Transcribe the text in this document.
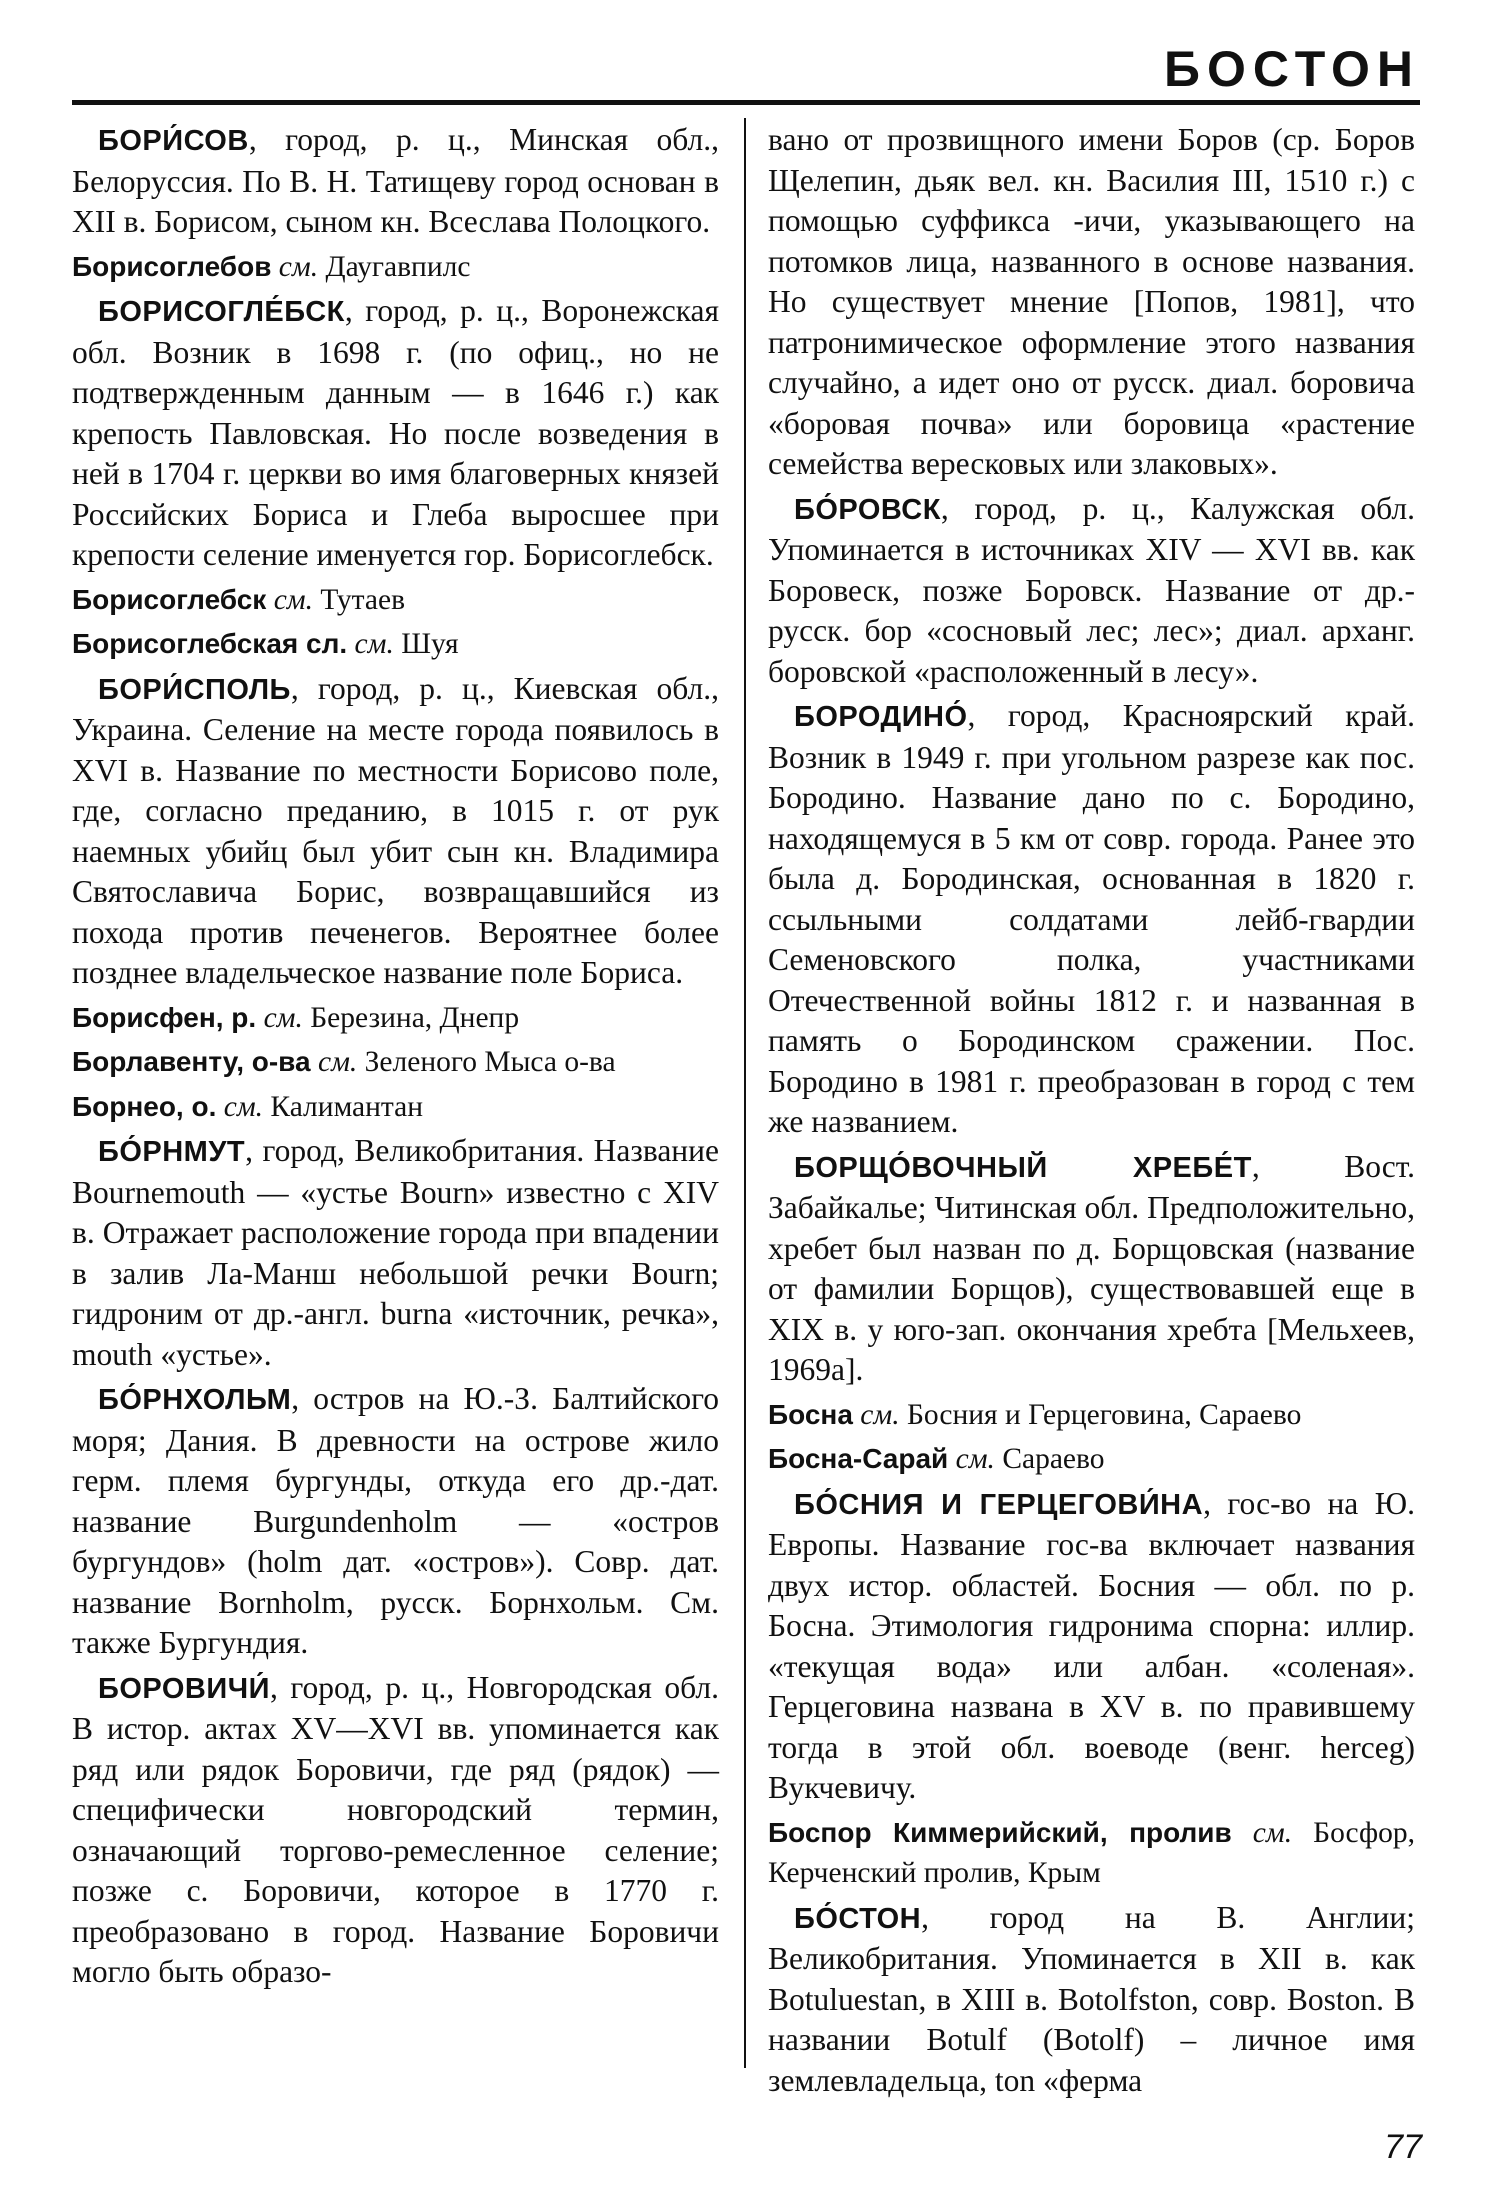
БОСТОН

БОРИ́СОВ, город, р. ц., Минская обл., Белоруссия. По В. Н. Татищеву город основан в XII в. Борисом, сыном кн. Всеслава Полоцкого.

Борисоглебов см. Даугавпилс

БОРИСОГЛЕ́БСК, город, р. ц., Воронежская обл. Возник в 1698 г. (по офиц., но не подтвержденным данным — в 1646 г.) как крепость Павловская. Но после возведения в ней в 1704 г. церкви во имя благоверных князей Российских Бориса и Глеба выросшее при крепости селение именуется гор. Борисоглебск.

Борисоглебск см. Тутаев

Борисоглебская сл. см. Шуя

БОРИ́СПОЛЬ, город, р. ц., Киевская обл., Украина. Селение на месте города появилось в XVI в. Название по местности Борисово поле, где, согласно преданию, в 1015 г. от рук наемных убийц был убит сын кн. Владимира Святославича Борис, возвращавшийся из похода против печенегов. Вероятнее более позднее владельческое название поле Бориса.

Борисфен, р. см. Березина, Днепр

Борлавенту, о-ва см. Зеленого Мыса о-ва

Борнео, о. см. Калимантан

БО́РНМУТ, город, Великобритания. Название Bournemouth — «устье Bourn» известно с XIV в. Отражает расположение города при впадении в залив Ла-Манш небольшой речки Bourn; гидроним от др.-англ. burna «источник, речка», mouth «устье».

БО́РНХОЛЬМ, остров на Ю.-З. Балтийского моря; Дания. В древности на острове жило герм. племя бургунды, откуда его др.-дат. название Burgundenholm — «остров бургундов» (holm дат. «остров»). Совр. дат. название Bornholm, русск. Борнхольм. См. также Бургундия.

БОРОВИЧИ́, город, р. ц., Новгородская обл. В истор. актах XV—XVI вв. упоминается как ряд или рядок Боровичи, где ряд (рядок) — специфически новгородский термин, означающий торгово-ремесленное селение; позже с. Боровичи, которое в 1770 г. преобразовано в город. Название Боровичи могло быть образо-

вано от прозвищного имени Боров (ср. Боров Щелепин, дьяк вел. кн. Василия III, 1510 г.) с помощью суффикса -ичи, указывающего на потомков лица, названного в основе названия. Но существует мнение [Попов, 1981], что патронимическое оформление этого названия случайно, а идет оно от русск. диал. боровича «боровая почва» или боровица «растение семейства вересковых или злаковых».

БО́РОВСК, город, р. ц., Калужская обл. Упоминается в источниках XIV — XVI вв. как Боровеск, позже Боровск. Название от др.-русск. бор «сосновый лес; лес»; диал. арханг. боровской «расположенный в лесу».

БОРОДИНО́, город, Красноярский край. Возник в 1949 г. при угольном разрезе как пос. Бородино. Название дано по с. Бородино, находящемуся в 5 км от совр. города. Ранее это была д. Бородинская, основанная в 1820 г. ссыльными солдатами лейб-гвардии Семеновского полка, участниками Отечественной войны 1812 г. и названная в память о Бородинском сражении. Пос. Бородино в 1981 г. преобразован в город с тем же названием.

БОРЩО́ВОЧНЫЙ ХРЕБЕ́Т, Вост. Забайкалье; Читинская обл. Предположительно, хребет был назван по д. Борщовская (название от фамилии Борщов), существовавшей еще в XIX в. у юго-зап. окончания хребта [Мельхеев, 1969а].

Босна см. Босния и Герцеговина, Сараево

Босна-Сарай см. Сараево

БО́СНИЯ И ГЕРЦЕГОВИ́НА, гос-во на Ю. Европы. Название гос-ва включает названия двух истор. областей. Босния — обл. по р. Босна. Этимология гидронима спорна: иллир. «текущая вода» или албан. «соленая». Герцеговина названа в XV в. по правившему тогда в этой обл. воеводе (венг. herceg) Вукчевичу.

Боспор Киммерийский, пролив см. Босфор, Керченский пролив, Крым

БО́СТОН, город на В. Англии; Великобритания. Упоминается в XII в. как Botuluestan, в XIII в. Botolfston, совр. Boston. В названии Botulf (Botolf) – личное имя землевладельца, ton «ферма

77
